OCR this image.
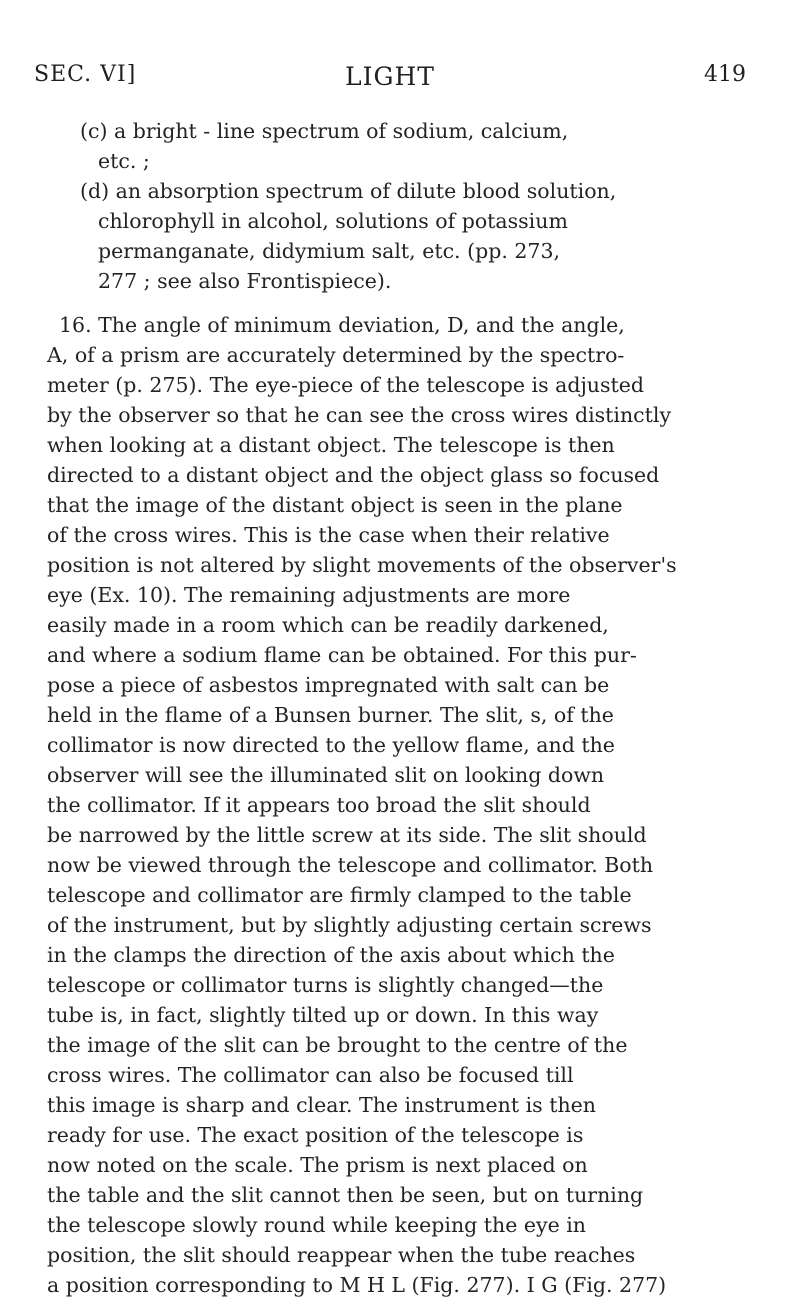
SEC. VI]	LIGHT	419
(c) a bright - line spectrum of sodium, calcium,
etc. ;
(d) an absorption spectrum of dilute blood solution,
chlorophyll in alcohol, solutions of potassium
permanganate, didymium salt, etc. (pp. 273,
277 ; see also Frontispiece).
16. The angle of minimum deviation, D, and the angle,
A, of a prism are accurately determined by the spectro-
meter (p. 275). The eye-piece of the telescope is adjusted
by the observer so that he can see the cross wires distinctly
when looking at a distant object. The telescope is then
directed to a distant object and the object glass so focused
that the image of the distant object is seen in the plane
of the cross wires. This is the case when their relative
position is not altered by slight movements of the observer's
eye (Ex. 10). The remaining adjustments are more
easily made in a room which can be readily darkened,
and where a sodium flame can be obtained. For this pur-
pose a piece of asbestos impregnated with salt can be
held in the flame of a Bunsen burner. The slit, s, of the
collimator is now directed to the yellow flame, and the
observer will see the illuminated slit on looking down
the collimator. If it appears too broad the slit should
be narrowed by the little screw at its side. The slit should
now be viewed through the telescope and collimator. Both
telescope and collimator are firmly clamped to the table
of the instrument, but by slightly adjusting certain screws
in the clamps the direction of the axis about which the
telescope or collimator turns is slightly changed—the
tube is, in fact, slightly tilted up or down. In this way
the image of the slit can be brought to the centre of the
cross wires. The collimator can also be focused till
this image is sharp and clear. The instrument is then
ready for use. The exact position of the telescope is
now noted on the scale. The prism is next placed on
the table and the slit cannot then be seen, but on turning
the telescope slowly round while keeping the eye in
position, the slit should reappear when the tube reaches
a position corresponding to M H L (Fig. 277). I G (Fig. 277)
